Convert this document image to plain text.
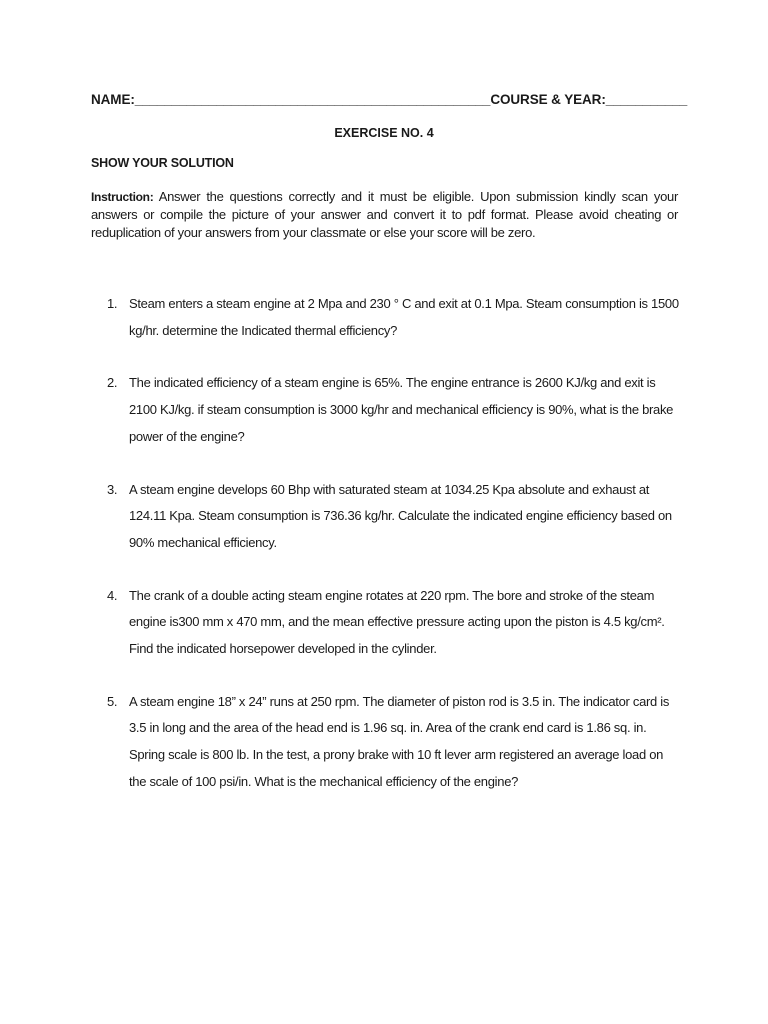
NAME:________________________________________________COURSE & YEAR:___________
EXERCISE NO. 4
SHOW YOUR SOLUTION
Instruction: Answer the questions correctly and it must be eligible. Upon submission kindly scan your answers or compile the picture of your answer and convert it to pdf format. Please avoid cheating or reduplication of your answers from your classmate or else your score will be zero.
1. Steam enters a steam engine at 2 Mpa and 230 ° C and exit at 0.1 Mpa. Steam consumption is 1500 kg/hr. determine the Indicated thermal efficiency?
2. The indicated efficiency of a steam engine is 65%. The engine entrance is 2600 KJ/kg and exit is 2100 KJ/kg. if steam consumption is 3000 kg/hr and mechanical efficiency is 90%, what is the brake power of the engine?
3. A steam engine develops 60 Bhp with saturated steam at 1034.25 Kpa absolute and exhaust at 124.11 Kpa. Steam consumption is 736.36 kg/hr. Calculate the indicated engine efficiency based on 90% mechanical efficiency.
4. The crank of a double acting steam engine rotates at 220 rpm. The bore and stroke of the steam engine is300 mm x 470 mm, and the mean effective pressure acting upon the piston is 4.5 kg/cm². Find the indicated horsepower developed in the cylinder.
5. A steam engine 18” x 24” runs at 250 rpm. The diameter of piston rod is 3.5 in. The indicator card is 3.5 in long and the area of the head end is 1.96 sq. in. Area of the crank end card is 1.86 sq. in. Spring scale is 800 lb. In the test, a prony brake with 10 ft lever arm registered an average load on the scale of 100 psi/in. What is the mechanical efficiency of the engine?
